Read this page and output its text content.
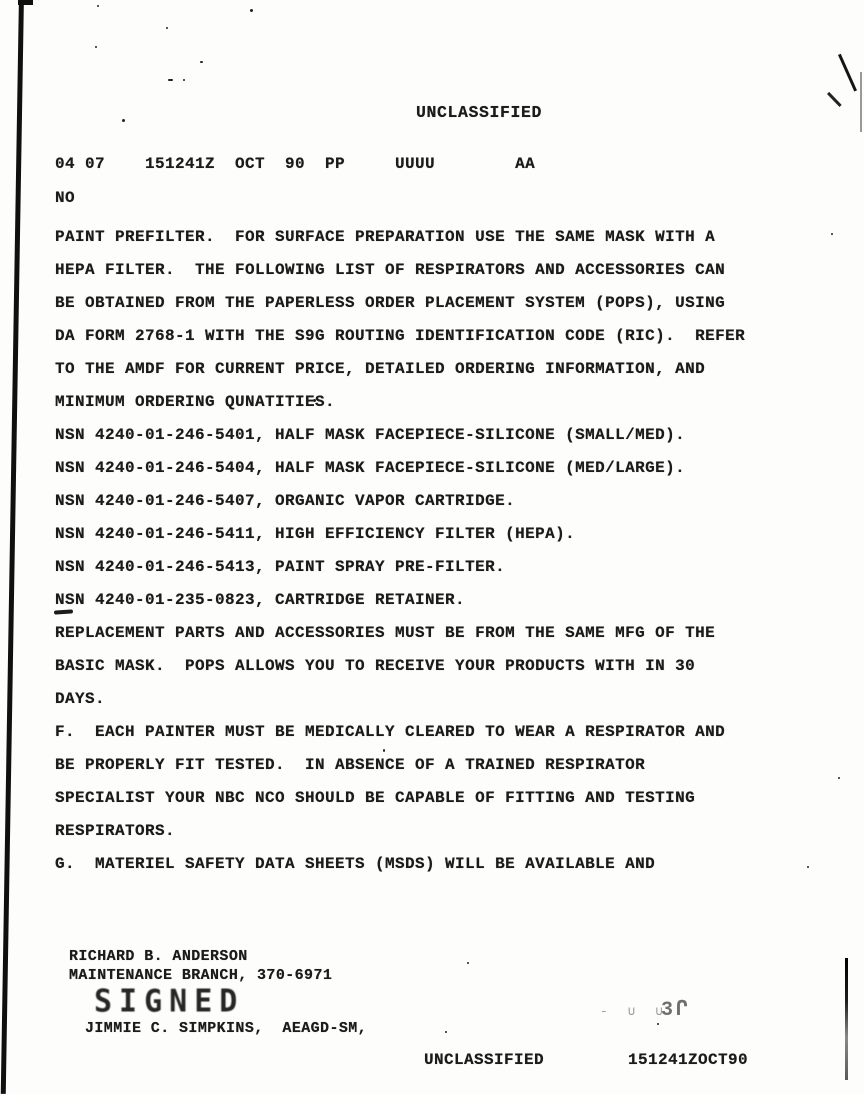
UNCLASSIFIED
04 07    151241Z  OCT  90  PP     UUUU        AA
NO
PAINT PREFILTER.  FOR SURFACE PREPARATION USE THE SAME MASK WITH A
HEPA FILTER.  THE FOLLOWING LIST OF RESPIRATORS AND ACCESSORIES CAN
BE OBTAINED FROM THE PAPERLESS ORDER PLACEMENT SYSTEM (POPS), USING
DA FORM 2768-1 WITH THE S9G ROUTING IDENTIFICATION CODE (RIC).  REFER
TO THE AMDF FOR CURRENT PRICE, DETAILED ORDERING INFORMATION, AND
MINIMUM ORDERING QUNATITIES.
NSN 4240-01-246-5401, HALF MASK FACEPIECE-SILICONE (SMALL/MED).
NSN 4240-01-246-5404, HALF MASK FACEPIECE-SILICONE (MED/LARGE).
NSN 4240-01-246-5407, ORGANIC VAPOR CARTRIDGE.
NSN 4240-01-246-5411, HIGH EFFICIENCY FILTER (HEPA).
NSN 4240-01-246-5413, PAINT SPRAY PRE-FILTER.
NSN 4240-01-235-0823, CARTRIDGE RETAINER.
REPLACEMENT PARTS AND ACCESSORIES MUST BE FROM THE SAME MFG OF THE
BASIC MASK.  POPS ALLOWS YOU TO RECEIVE YOUR PRODUCTS WITH IN 30
DAYS.
F.  EACH PAINTER MUST BE MEDICALLY CLEARED TO WEAR A RESPIRATOR AND
BE PROPERLY FIT TESTED.  IN ABSENCE OF A TRAINED RESPIRATOR
SPECIALIST YOUR NBC NCO SHOULD BE CAPABLE OF FITTING AND TESTING
RESPIRATORS.
G.  MATERIEL SAFETY DATA SHEETS (MSDS) WILL BE AVAILABLE AND
RICHARD B. ANDERSON
MAINTENANCE BRANCH, 370-6971
SIGNED
JIMMIE C. SIMPKINS,  AEAGD-SM,
- ∪ ∪
3Ր
UNCLASSIFIED	151241ZOCT90
